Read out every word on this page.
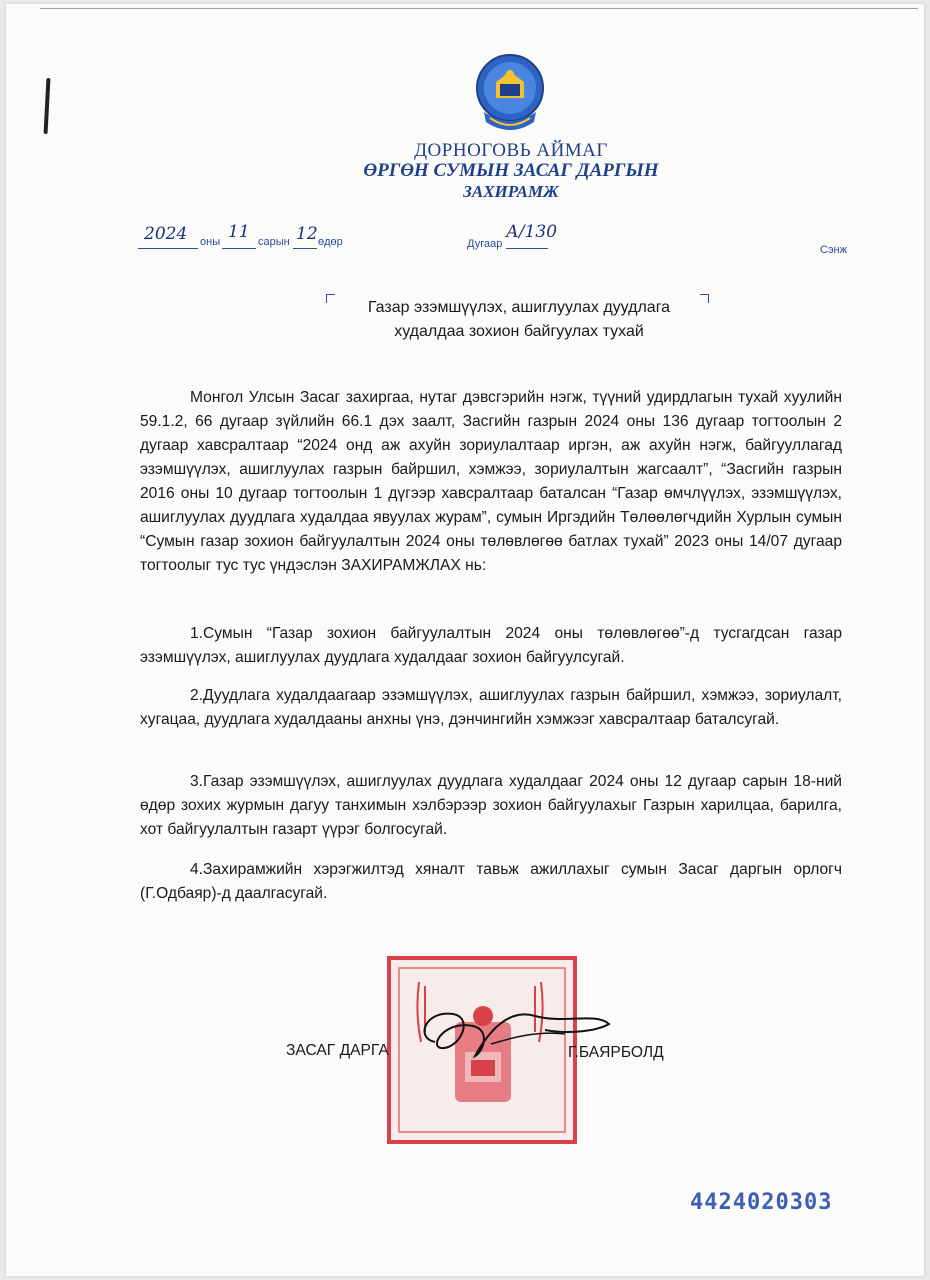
ДОРНОГОВЬ АЙМАГ
ӨРГӨН СУМЫН ЗАСАГ ДАРГЫН
ЗАХИРАМЖ
2024 оны 11 сарын 12 өдөр	Дугаар
А/130
Сэнж
Газар эзэмшүүлэх, ашиглуулах дуудлага
худалдаа зохион байгуулах тухай

Монгол Улсын Засаг захиргаа, нутаг дэвсгэрийн нэгж, түүний удирдлагын тухай хуулийн 59.1.2, 66 дугаар зүйлийн 66.1 дэх заалт, Засгийн газрын 2024 оны 136 дугаар тогтоолын 2 дугаар хавсралтаар “2024 онд аж ахуйн зориулалтаар иргэн, аж ахуйн нэгж, байгууллагад эзэмшүүлэх, ашиглуулах газрын байршил, хэмжээ, зориулалтын жагсаалт”, “Засгийн газрын 2016 оны 10 дугаар тогтоолын 1 дүгээр хавсралтаар баталсан “Газар өмчлүүлэх, эзэмшүүлэх, ашиглуулах дуудлага худалдаа явуулах журам”, сумын Иргэдийн Төлөөлөгчдийн Хурлын сумын “Сумын газар зохион байгуулалтын 2024 оны төлөвлөгөө батлах тухай” 2023 оны 14/07 дугаар тогтоолыг тус тус үндэслэн ЗАХИРАМЖЛАХ нь:

1.Сумын “Газар зохион байгуулалтын 2024 оны төлөвлөгөө”-д тусгагдсан газар эзэмшүүлэх, ашиглуулах дуудлага худалдааг зохион байгуулсугай.

2.Дуудлага худалдаагаар эзэмшүүлэх, ашиглуулах газрын байршил, хэмжээ, зориулалт, хугацаа, дуудлага худалдааны анхны үнэ, дэнчингийн хэмжээг хавсралтаар баталсугай.

3.Газар эзэмшүүлэх, ашиглуулах дуудлага худалдааг 2024 оны 12 дугаар сарын 18-ний өдөр зохих журмын дагуу танхимын хэлбэрээр зохион байгуулахыг Газрын харилцаа, барилга, хот байгуулалтын газарт үүрэг болгосугай.

4.Захирамжийн хэрэгжилтэд хяналт тавьж ажиллахыг сумын Засаг даргын орлогч (Г.Одбаяр)-д даалгасугай.

ЗАСАГ ДАРГА	Г.БАЯРБОЛД
4424020303
